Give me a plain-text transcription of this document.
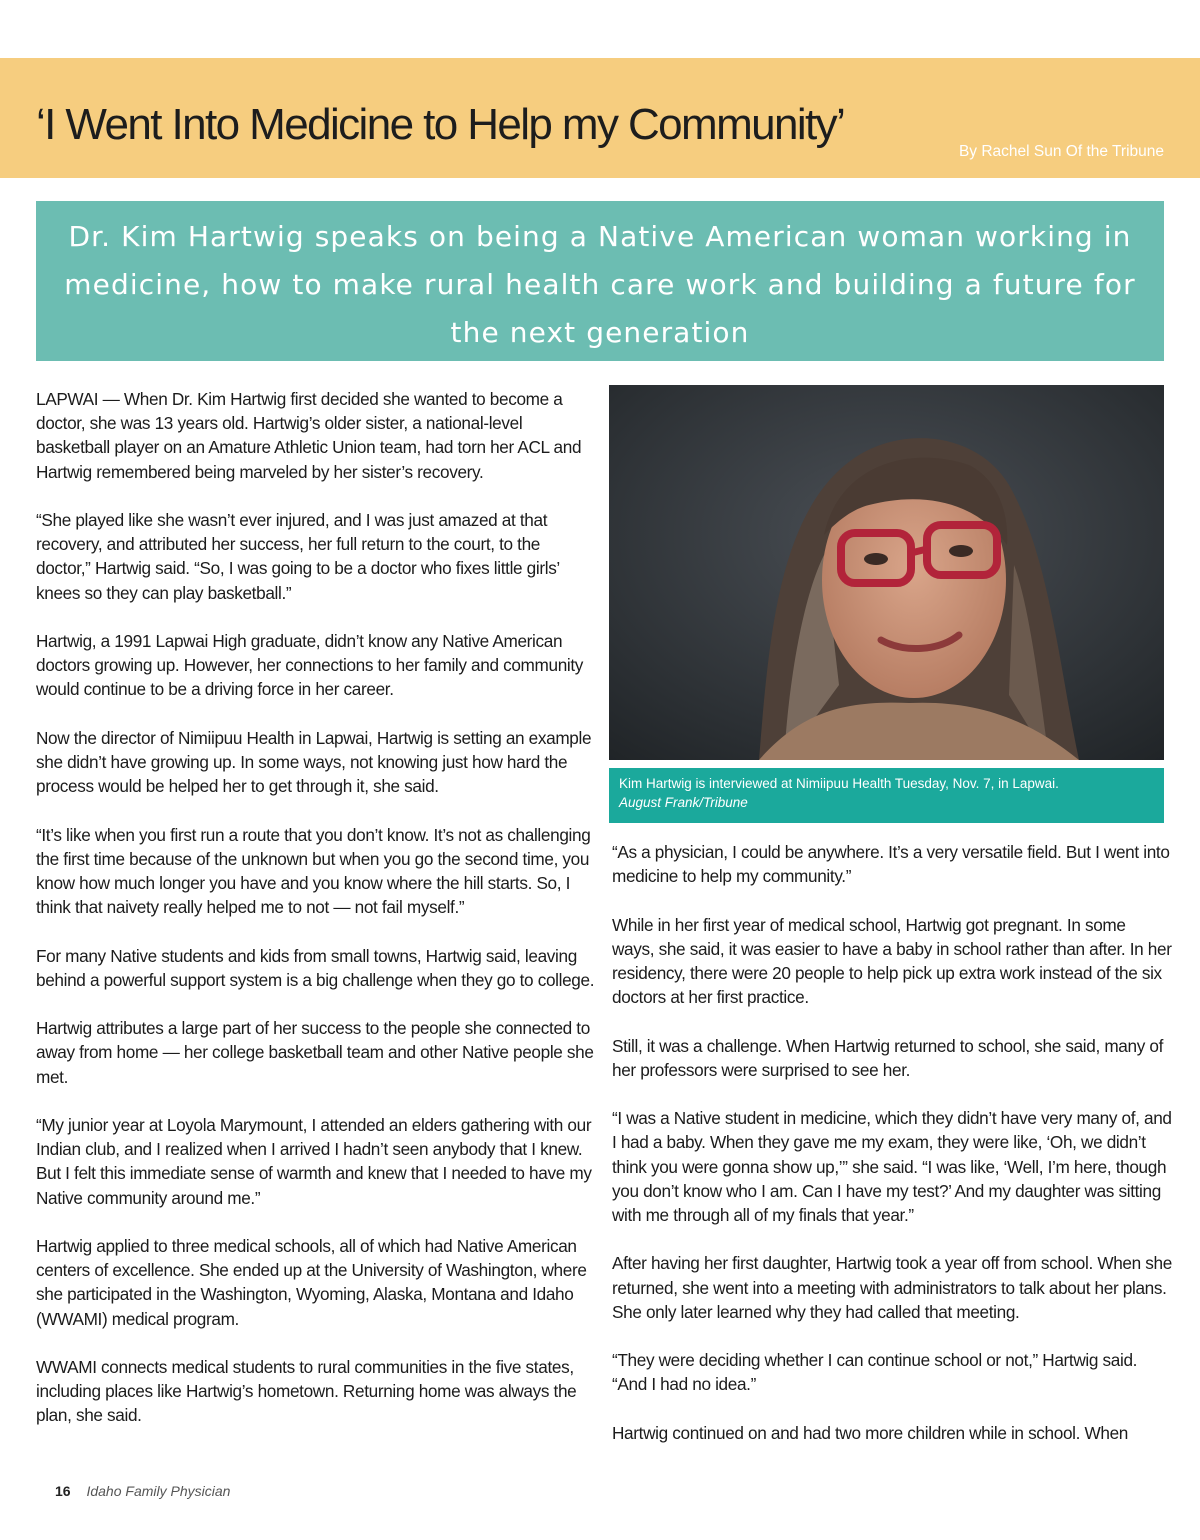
‘I Went Into Medicine to Help my Community’
By Rachel Sun Of the Tribune

Dr. Kim Hartwig speaks on being a Native American woman working in medicine, how to make rural health care work and building a future for the next generation

LAPWAI — When Dr. Kim Hartwig first decided she wanted to become a doctor, she was 13 years old. Hartwig’s older sister, a national-level basketball player on an Amature Athletic Union team, had torn her ACL and Hartwig remembered being marveled by her sister’s recovery.

“She played like she wasn’t ever injured, and I was just amazed at that recovery, and attributed her success, her full return to the court, to the doctor,” Hartwig said. “So, I was going to be a doctor who fixes little girls’ knees so they can play basketball.”

Hartwig, a 1991 Lapwai High graduate, didn’t know any Native American doctors growing up. However, her connections to her family and community would continue to be a driving force in her career.

Now the director of Nimiipuu Health in Lapwai, Hartwig is setting an example she didn’t have growing up. In some ways, not knowing just how hard the process would be helped her to get through it, she said.

“It’s like when you first run a route that you don’t know. It’s not as challenging the first time because of the unknown but when you go the second time, you know how much longer you have and you know where the hill starts. So, I think that naivety really helped me to not — not fail myself.”

For many Native students and kids from small towns, Hartwig said, leaving behind a powerful support system is a big challenge when they go to college.

Hartwig attributes a large part of her success to the people she connected to away from home — her college basketball team and other Native people she met.

“My junior year at Loyola Marymount, I attended an elders gathering with our Indian club, and I realized when I arrived I hadn’t seen anybody that I knew. But I felt this immediate sense of warmth and knew that I needed to have my Native community around me.”

Hartwig applied to three medical schools, all of which had Native American centers of excellence. She ended up at the University of Washington, where she participated in the Washington, Wyoming, Alaska, Montana and Idaho (WWAMI) medical program.

WWAMI connects medical students to rural communities in the five states, including places like Hartwig’s hometown. Returning home was always the plan, she said.

Kim Hartwig is interviewed at Nimiipuu Health Tuesday, Nov. 7, in Lapwai.
August Frank/Tribune

“As a physician, I could be anywhere. It’s a very versatile field. But I went into medicine to help my community.”

While in her first year of medical school, Hartwig got pregnant. In some ways, she said, it was easier to have a baby in school rather than after. In her residency, there were 20 people to help pick up extra work instead of the six doctors at her first practice.

Still, it was a challenge. When Hartwig returned to school, she said, many of her professors were surprised to see her.

“I was a Native student in medicine, which they didn’t have very many of, and I had a baby. When they gave me my exam, they were like, ‘Oh, we didn’t think you were gonna show up,’” she said. “I was like, ‘Well, I’m here, though you don’t know who I am. Can I have my test?’ And my daughter was sitting with me through all of my finals that year.”

After having her first daughter, Hartwig took a year off from school. When she returned, she went into a meeting with administrators to talk about her plans. She only later learned why they had called that meeting.

“They were deciding whether I can continue school or not,” Hartwig said. “And I had no idea.”

Hartwig continued on and had two more children while in school. When

16 Idaho Family Physician
